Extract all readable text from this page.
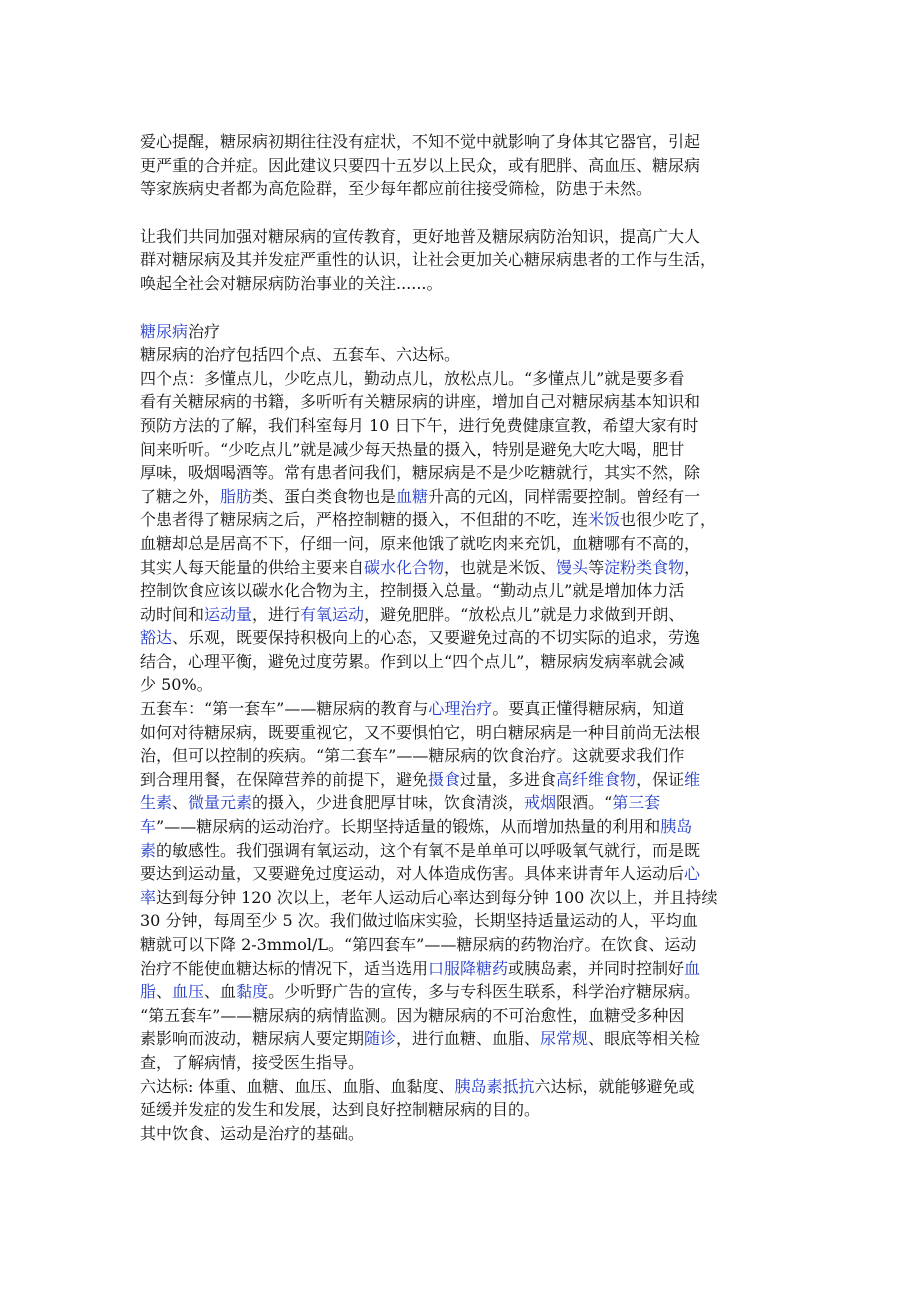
爱心提醒，糖尿病初期往往没有症状，不知不觉中就影响了身体其它器官，引起
更严重的合并症。因此建议只要四十五岁以上民众，或有肥胖、高血压、糖尿病
等家族病史者都为高危险群，至少每年都应前往接受筛检，防患于未然。
让我们共同加强对糖尿病的宣传教育，更好地普及糖尿病防治知识，提高广大人
群对糖尿病及其并发症严重性的认识，让社会更加关心糖尿病患者的工作与生活，
唤起全社会对糖尿病防治事业的关注......。
糖尿病治疗
糖尿病的治疗包括四个点、五套车、六达标。
四个点：多懂点儿，少吃点儿，勤动点儿，放松点儿。“多懂点儿”就是要多看
看有关糖尿病的书籍，多听听有关糖尿病的讲座，增加自己对糖尿病基本知识和
预防方法的了解，我们科室每月 10 日下午，进行免费健康宣教，希望大家有时
间来听听。“少吃点儿”就是减少每天热量的摄入，特别是避免大吃大喝，肥甘
厚味，吸烟喝酒等。常有患者问我们，糖尿病是不是少吃糖就行，其实不然，除
了糖之外，脂肪类、蛋白类食物也是血糖升高的元凶，同样需要控制。曾经有一
个患者得了糖尿病之后，严格控制糖的摄入，不但甜的不吃，连米饭也很少吃了，
血糖却总是居高不下，仔细一问，原来他饿了就吃肉来充饥，血糖哪有不高的，
其实人每天能量的供给主要来自碳水化合物，也就是米饭、馒头等淀粉类食物，
控制饮食应该以碳水化合物为主，控制摄入总量。“勤动点儿”就是增加体力活
动时间和运动量，进行有氧运动，避免肥胖。“放松点儿”就是力求做到开朗、
豁达、乐观，既要保持积极向上的心态，又要避免过高的不切实际的追求，劳逸
结合，心理平衡，避免过度劳累。作到以上“四个点儿”，糖尿病发病率就会减
少 50%。
五套车：“第一套车”——糖尿病的教育与心理治疗。要真正懂得糖尿病，知道
如何对待糖尿病，既要重视它，又不要惧怕它，明白糖尿病是一种目前尚无法根
治，但可以控制的疾病。“第二套车”——糖尿病的饮食治疗。这就要求我们作
到合理用餐，在保障营养的前提下，避免摄食过量，多进食高纤维食物，保证维
生素、微量元素的摄入，少进食肥厚甘味，饮食清淡，戒烟限酒。“第三套
车”——糖尿病的运动治疗。长期坚持适量的锻炼，从而增加热量的利用和胰岛
素的敏感性。我们强调有氧运动，这个有氧不是单单可以呼吸氧气就行，而是既
要达到运动量，又要避免过度运动，对人体造成伤害。具体来讲青年人运动后心
率达到每分钟 120 次以上，老年人运动后心率达到每分钟 100 次以上，并且持续
30 分钟，每周至少 5 次。我们做过临床实验，长期坚持适量运动的人，平均血
糖就可以下降 2-3mmol/L。“第四套车”——糖尿病的药物治疗。在饮食、运动
治疗不能使血糖达标的情况下，适当选用口服降糖药或胰岛素，并同时控制好血
脂、血压、血黏度。少听野广告的宣传，多与专科医生联系，科学治疗糖尿病。
“第五套车”——糖尿病的病情监测。因为糖尿病的不可治愈性，血糖受多种因
素影响而波动，糖尿病人要定期随诊，进行血糖、血脂、尿常规、眼底等相关检
查，了解病情，接受医生指导。
六达标: 体重、血糖、血压、血脂、血黏度、胰岛素抵抗六达标，就能够避免或
延缓并发症的发生和发展，达到良好控制糖尿病的目的。
其中饮食、运动是治疗的基础。
